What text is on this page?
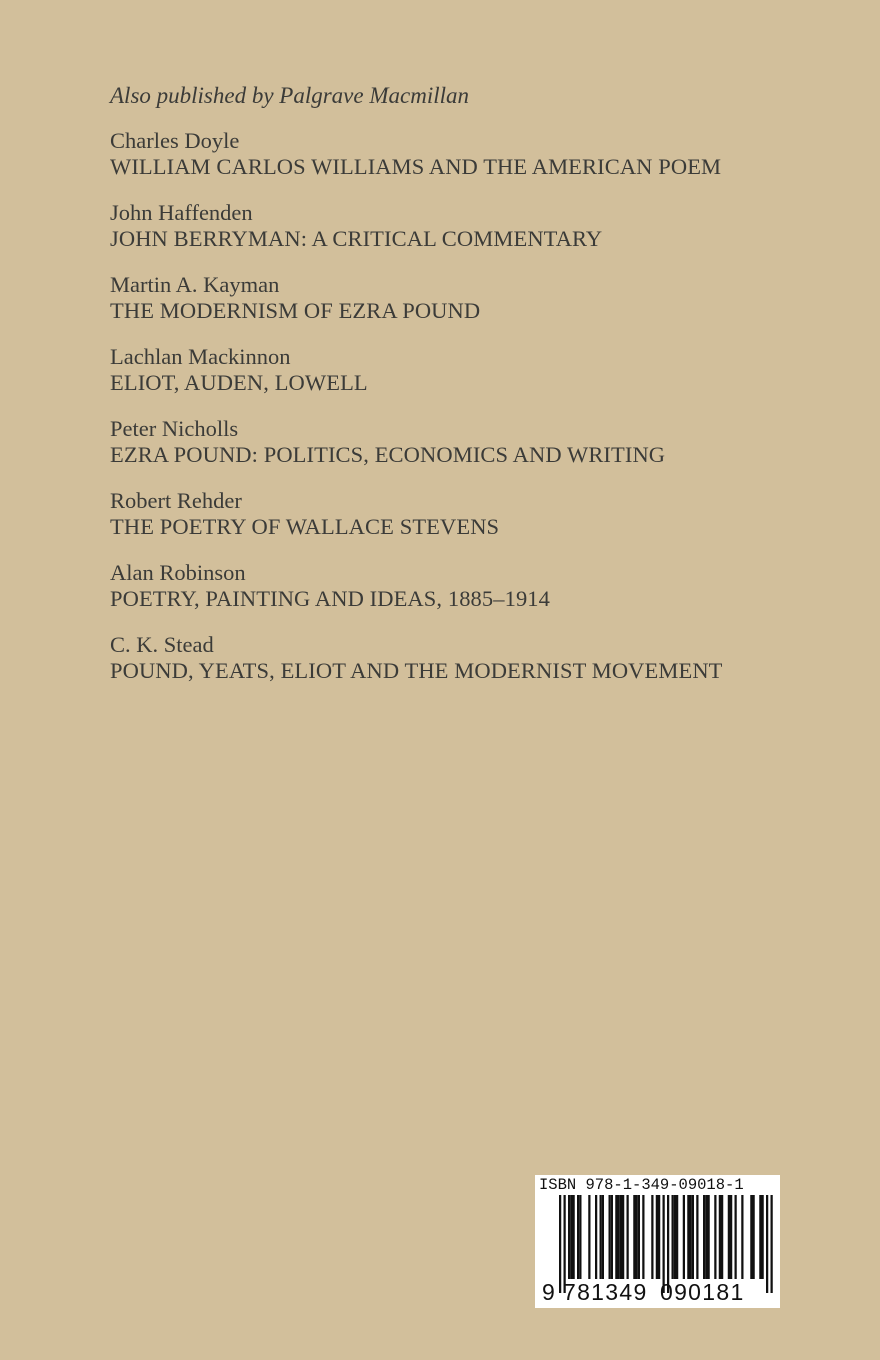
Also published by Palgrave Macmillan
Charles Doyle
WILLIAM CARLOS WILLIAMS AND THE AMERICAN POEM
John Haffenden
JOHN BERRYMAN: A CRITICAL COMMENTARY
Martin A. Kayman
THE MODERNISM OF EZRA POUND
Lachlan Mackinnon
ELIOT, AUDEN, LOWELL
Peter Nicholls
EZRA POUND: POLITICS, ECONOMICS AND WRITING
Robert Rehder
THE POETRY OF WALLACE STEVENS
Alan Robinson
POETRY, PAINTING AND IDEAS, 1885–1914
C. K. Stead
POUND, YEATS, ELIOT AND THE MODERNIST MOVEMENT
ISBN 978-1-349-09018-1
9 781349 090181
